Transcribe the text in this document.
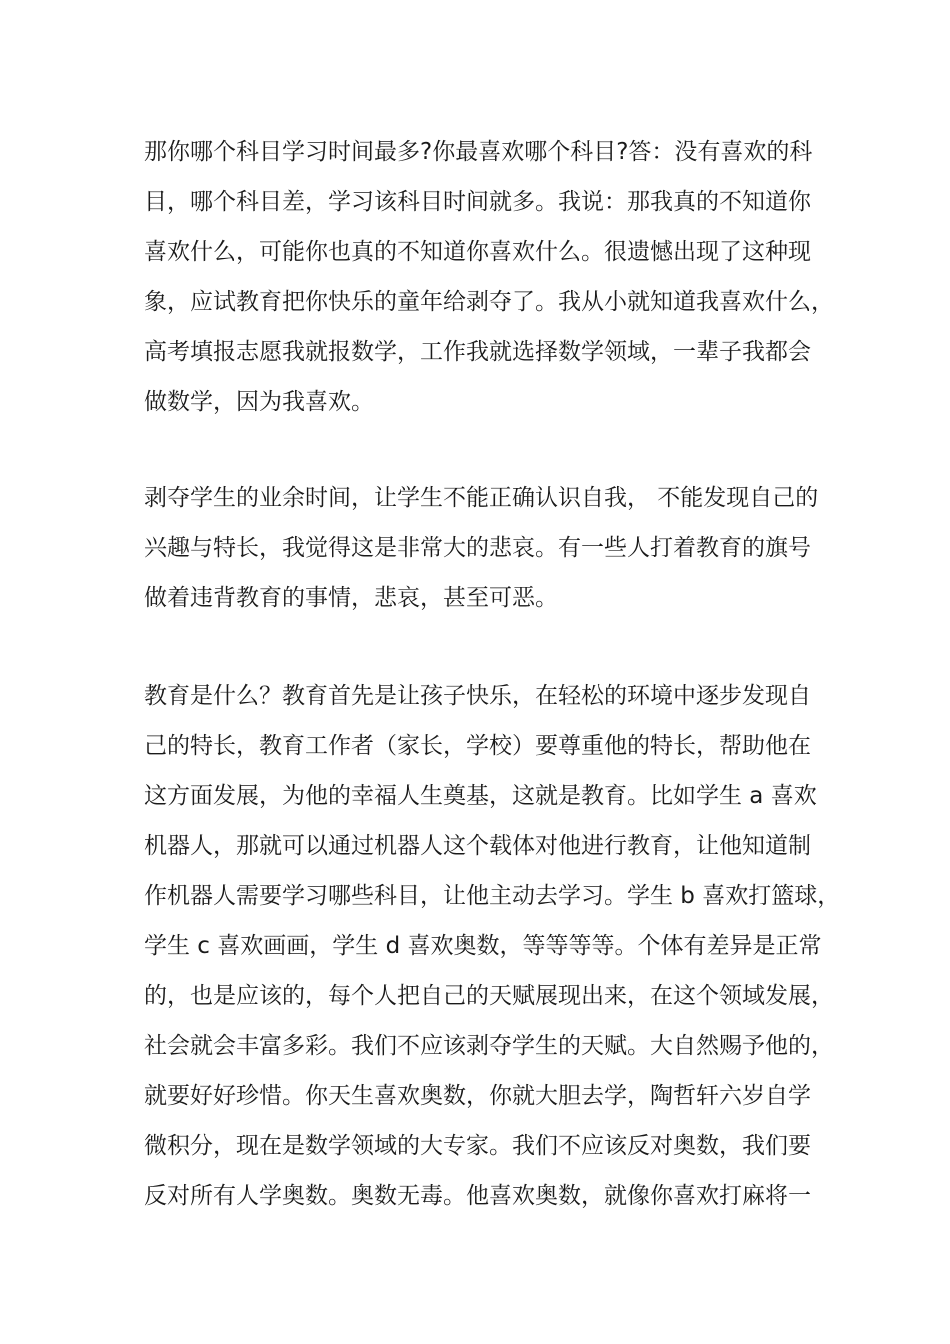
那你哪个科目学习时间最多?你最喜欢哪个科目?答：没有喜欢的科
目，哪个科目差，学习该科目时间就多。我说：那我真的不知道你
喜欢什么，可能你也真的不知道你喜欢什么。很遗憾出现了这种现
象，应试教育把你快乐的童年给剥夺了。我从小就知道我喜欢什么，
高考填报志愿我就报数学，工作我就选择数学领域，一辈子我都会
做数学，因为我喜欢。
剥夺学生的业余时间，让学生不能正确认识自我， 不能发现自己的
兴趣与特长，我觉得这是非常大的悲哀。有一些人打着教育的旗号
做着违背教育的事情，悲哀，甚至可恶。
教育是什么？教育首先是让孩子快乐，在轻松的环境中逐步发现自
己的特长，教育工作者（家长，学校）要尊重他的特长，帮助他在
这方面发展，为他的幸福人生奠基，这就是教育。比如学生 a 喜欢
机器人，那就可以通过机器人这个载体对他进行教育，让他知道制
作机器人需要学习哪些科目，让他主动去学习。学生 b 喜欢打篮球，
学生 c 喜欢画画，学生 d 喜欢奥数，等等等等。个体有差异是正常
的，也是应该的，每个人把自己的天赋展现出来，在这个领域发展，
社会就会丰富多彩。我们不应该剥夺学生的天赋。大自然赐予他的，
就要好好珍惜。你天生喜欢奥数，你就大胆去学，陶哲轩六岁自学
微积分，现在是数学领域的大专家。我们不应该反对奥数，我们要
反对所有人学奥数。奥数无毒。他喜欢奥数，就像你喜欢打麻将一
